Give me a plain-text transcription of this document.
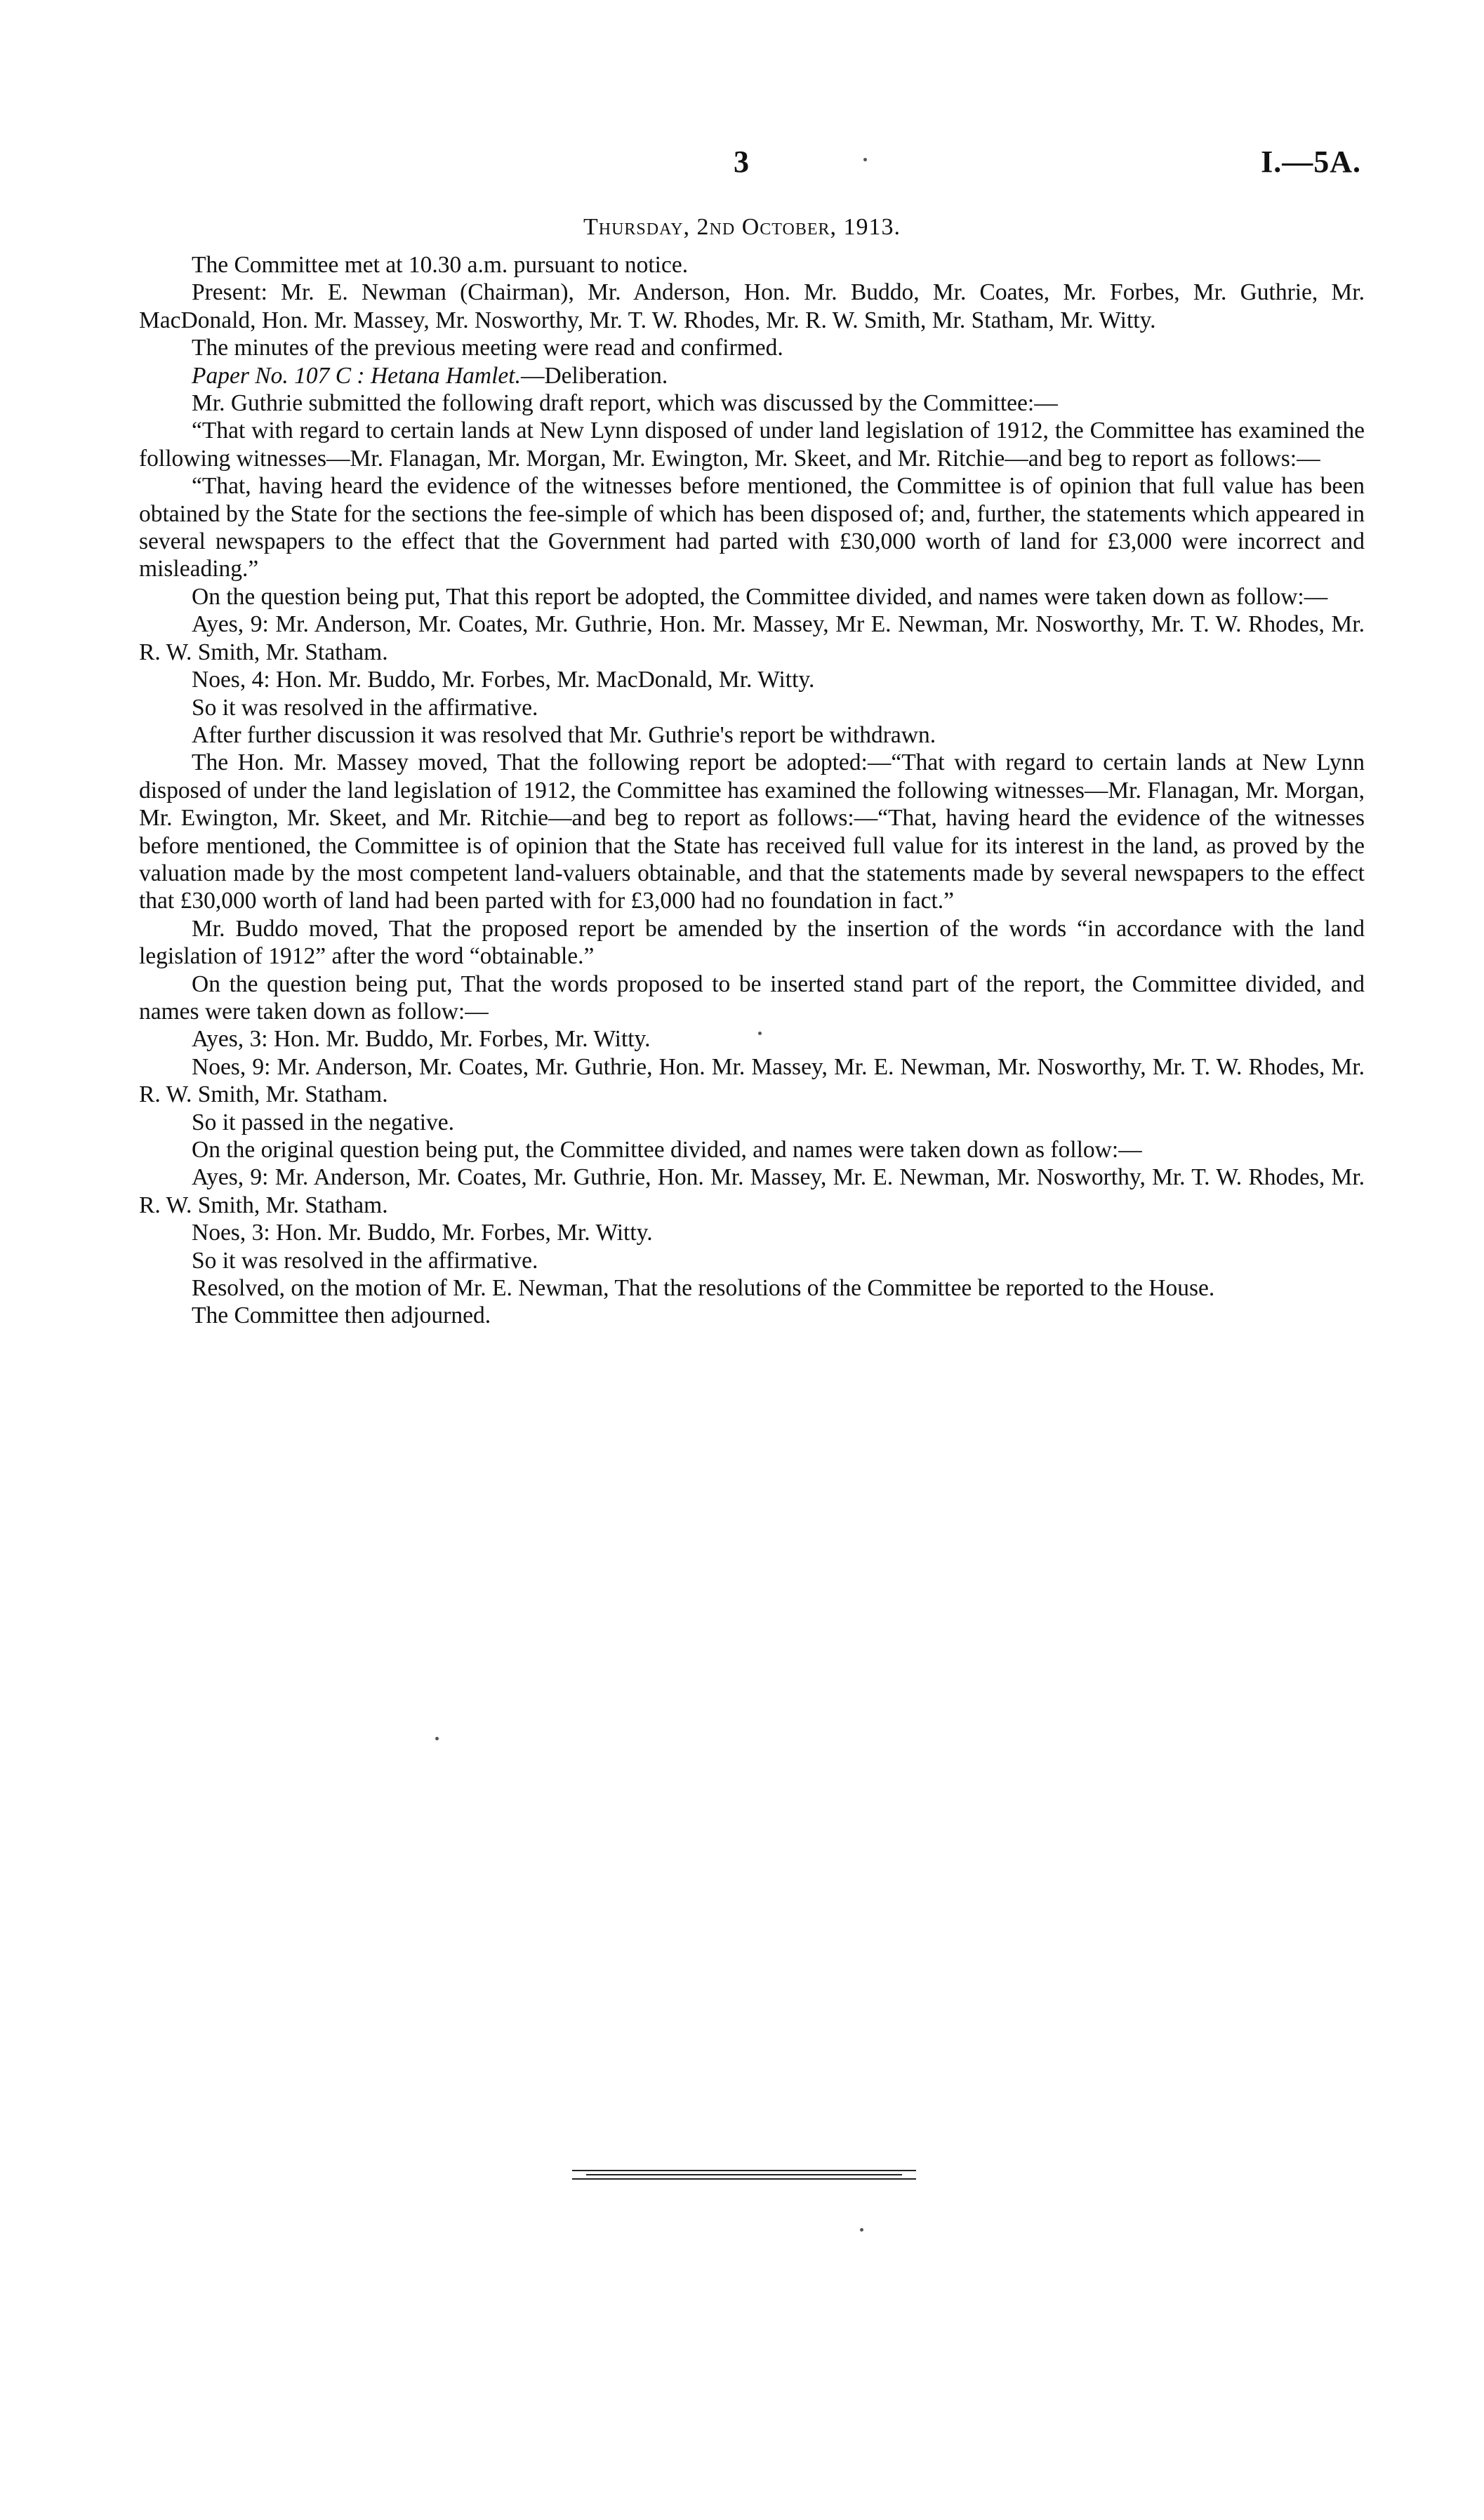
3	I.—5A.
Thursday, 2nd October, 1913.

The Committee met at 10.30 a.m. pursuant to notice.

Present: Mr. E. Newman (Chairman), Mr. Anderson, Hon. Mr. Buddo, Mr. Coates, Mr. Forbes, Mr. Guthrie, Mr. MacDonald, Hon. Mr. Massey, Mr. Nosworthy, Mr. T. W. Rhodes, Mr. R. W. Smith, Mr. Statham, Mr. Witty.

The minutes of the previous meeting were read and confirmed.

Paper No. 107 C : Hetana Hamlet.—Deliberation.

Mr. Guthrie submitted the following draft report, which was discussed by the Committee:—

“That with regard to certain lands at New Lynn disposed of under land legislation of 1912, the Committee has examined the following witnesses—Mr. Flanagan, Mr. Morgan, Mr. Ewington, Mr. Skeet, and Mr. Ritchie—and beg to report as follows:—

“That, having heard the evidence of the witnesses before mentioned, the Committee is of opinion that full value has been obtained by the State for the sections the fee-simple of which has been disposed of; and, further, the statements which appeared in several newspapers to the effect that the Government had parted with £30,000 worth of land for £3,000 were incorrect and misleading.”

On the question being put, That this report be adopted, the Committee divided, and names were taken down as follow:—

Ayes, 9: Mr. Anderson, Mr. Coates, Mr. Guthrie, Hon. Mr. Massey, Mr E. Newman, Mr. Nosworthy, Mr. T. W. Rhodes, Mr. R. W. Smith, Mr. Statham.

Noes, 4: Hon. Mr. Buddo, Mr. Forbes, Mr. MacDonald, Mr. Witty.

So it was resolved in the affirmative.

After further discussion it was resolved that Mr. Guthrie's report be withdrawn.

The Hon. Mr. Massey moved, That the following report be adopted:—“That with regard to certain lands at New Lynn disposed of under the land legislation of 1912, the Committee has examined the following witnesses—Mr. Flanagan, Mr. Morgan, Mr. Ewington, Mr. Skeet, and Mr. Ritchie—and beg to report as follows:—“That, having heard the evidence of the witnesses before mentioned, the Committee is of opinion that the State has received full value for its interest in the land, as proved by the valuation made by the most competent land-valuers obtainable, and that the statements made by several newspapers to the effect that £30,000 worth of land had been parted with for £3,000 had no foundation in fact.”

Mr. Buddo moved, That the proposed report be amended by the insertion of the words “in accordance with the land legislation of 1912” after the word “obtainable.”

On the question being put, That the words proposed to be inserted stand part of the report, the Committee divided, and names were taken down as follow:—

Ayes, 3: Hon. Mr. Buddo, Mr. Forbes, Mr. Witty.

Noes, 9: Mr. Anderson, Mr. Coates, Mr. Guthrie, Hon. Mr. Massey, Mr. E. Newman, Mr. Nosworthy, Mr. T. W. Rhodes, Mr. R. W. Smith, Mr. Statham.

So it passed in the negative.

On the original question being put, the Committee divided, and names were taken down as follow:—

Ayes, 9: Mr. Anderson, Mr. Coates, Mr. Guthrie, Hon. Mr. Massey, Mr. E. Newman, Mr. Nosworthy, Mr. T. W. Rhodes, Mr. R. W. Smith, Mr. Statham.

Noes, 3: Hon. Mr. Buddo, Mr. Forbes, Mr. Witty.

So it was resolved in the affirmative.

Resolved, on the motion of Mr. E. Newman, That the resolutions of the Committee be reported to the House.

The Committee then adjourned.
